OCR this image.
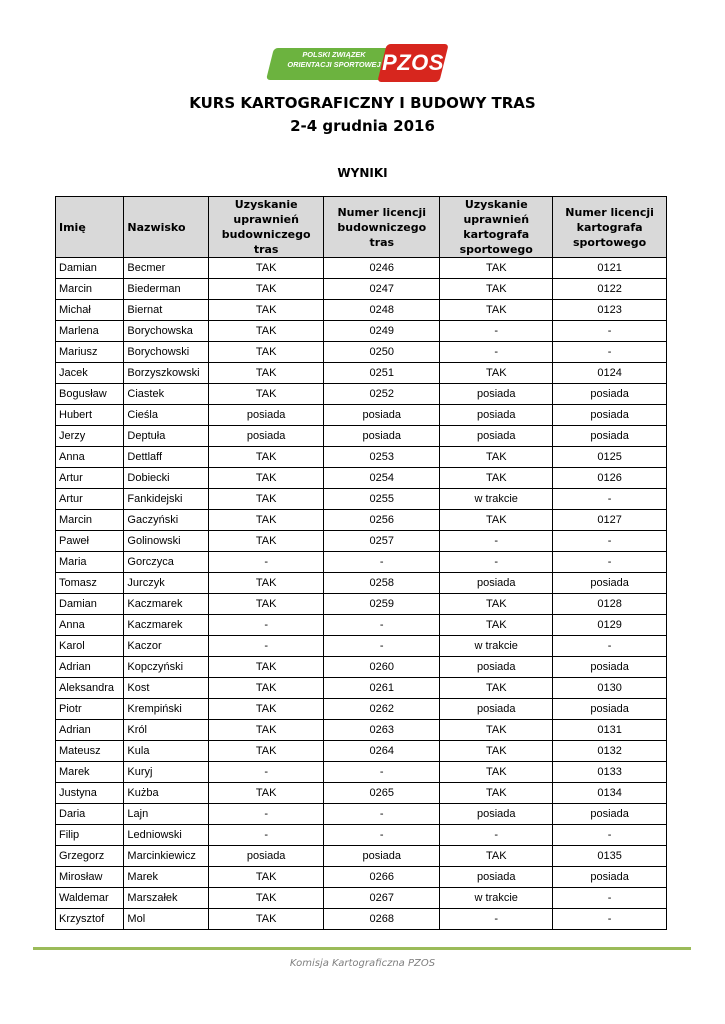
POLSKI ZWIĄZEK
ORIENTACJI SPORTOWEJ PZOS
KURS KARTOGRAFICZNY I BUDOWY TRAS
2-4 grudnia 2016
WYNIKI
Imię	Nazwisko	Uzyskanie uprawnień budowniczego tras	Numer licencji budowniczego tras	Uzyskanie uprawnień kartografa sportowego	Numer licencji kartografa sportowego
Damian	Becmer	TAK	0246	TAK	0121
Marcin	Biederman	TAK	0247	TAK	0122
Michał	Biernat	TAK	0248	TAK	0123
Marlena	Borychowska	TAK	0249	-	-
Mariusz	Borychowski	TAK	0250	-	-
Jacek	Borzyszkowski	TAK	0251	TAK	0124
Bogusław	Ciastek	TAK	0252	posiada	posiada
Hubert	Cieśla	posiada	posiada	posiada	posiada
Jerzy	Deptuła	posiada	posiada	posiada	posiada
Anna	Dettlaff	TAK	0253	TAK	0125
Artur	Dobiecki	TAK	0254	TAK	0126
Artur	Fankidejski	TAK	0255	w trakcie	-
Marcin	Gaczyński	TAK	0256	TAK	0127
Paweł	Golinowski	TAK	0257	-	-
Maria	Gorczyca	-	-	-	-
Tomasz	Jurczyk	TAK	0258	posiada	posiada
Damian	Kaczmarek	TAK	0259	TAK	0128
Anna	Kaczmarek	-	-	TAK	0129
Karol	Kaczor	-	-	w trakcie	-
Adrian	Kopczyński	TAK	0260	posiada	posiada
Aleksandra	Kost	TAK	0261	TAK	0130
Piotr	Krempiński	TAK	0262	posiada	posiada
Adrian	Król	TAK	0263	TAK	0131
Mateusz	Kula	TAK	0264	TAK	0132
Marek	Kuryj	-	-	TAK	0133
Justyna	Kużba	TAK	0265	TAK	0134
Daria	Lajn	-	-	posiada	posiada
Filip	Ledniowski	-	-	-	-
Grzegorz	Marcinkiewicz	posiada	posiada	TAK	0135
Mirosław	Marek	TAK	0266	posiada	posiada
Waldemar	Marszałek	TAK	0267	w trakcie	-
Krzysztof	Mol	TAK	0268	-	-
Komisja Kartograficzna PZOS
